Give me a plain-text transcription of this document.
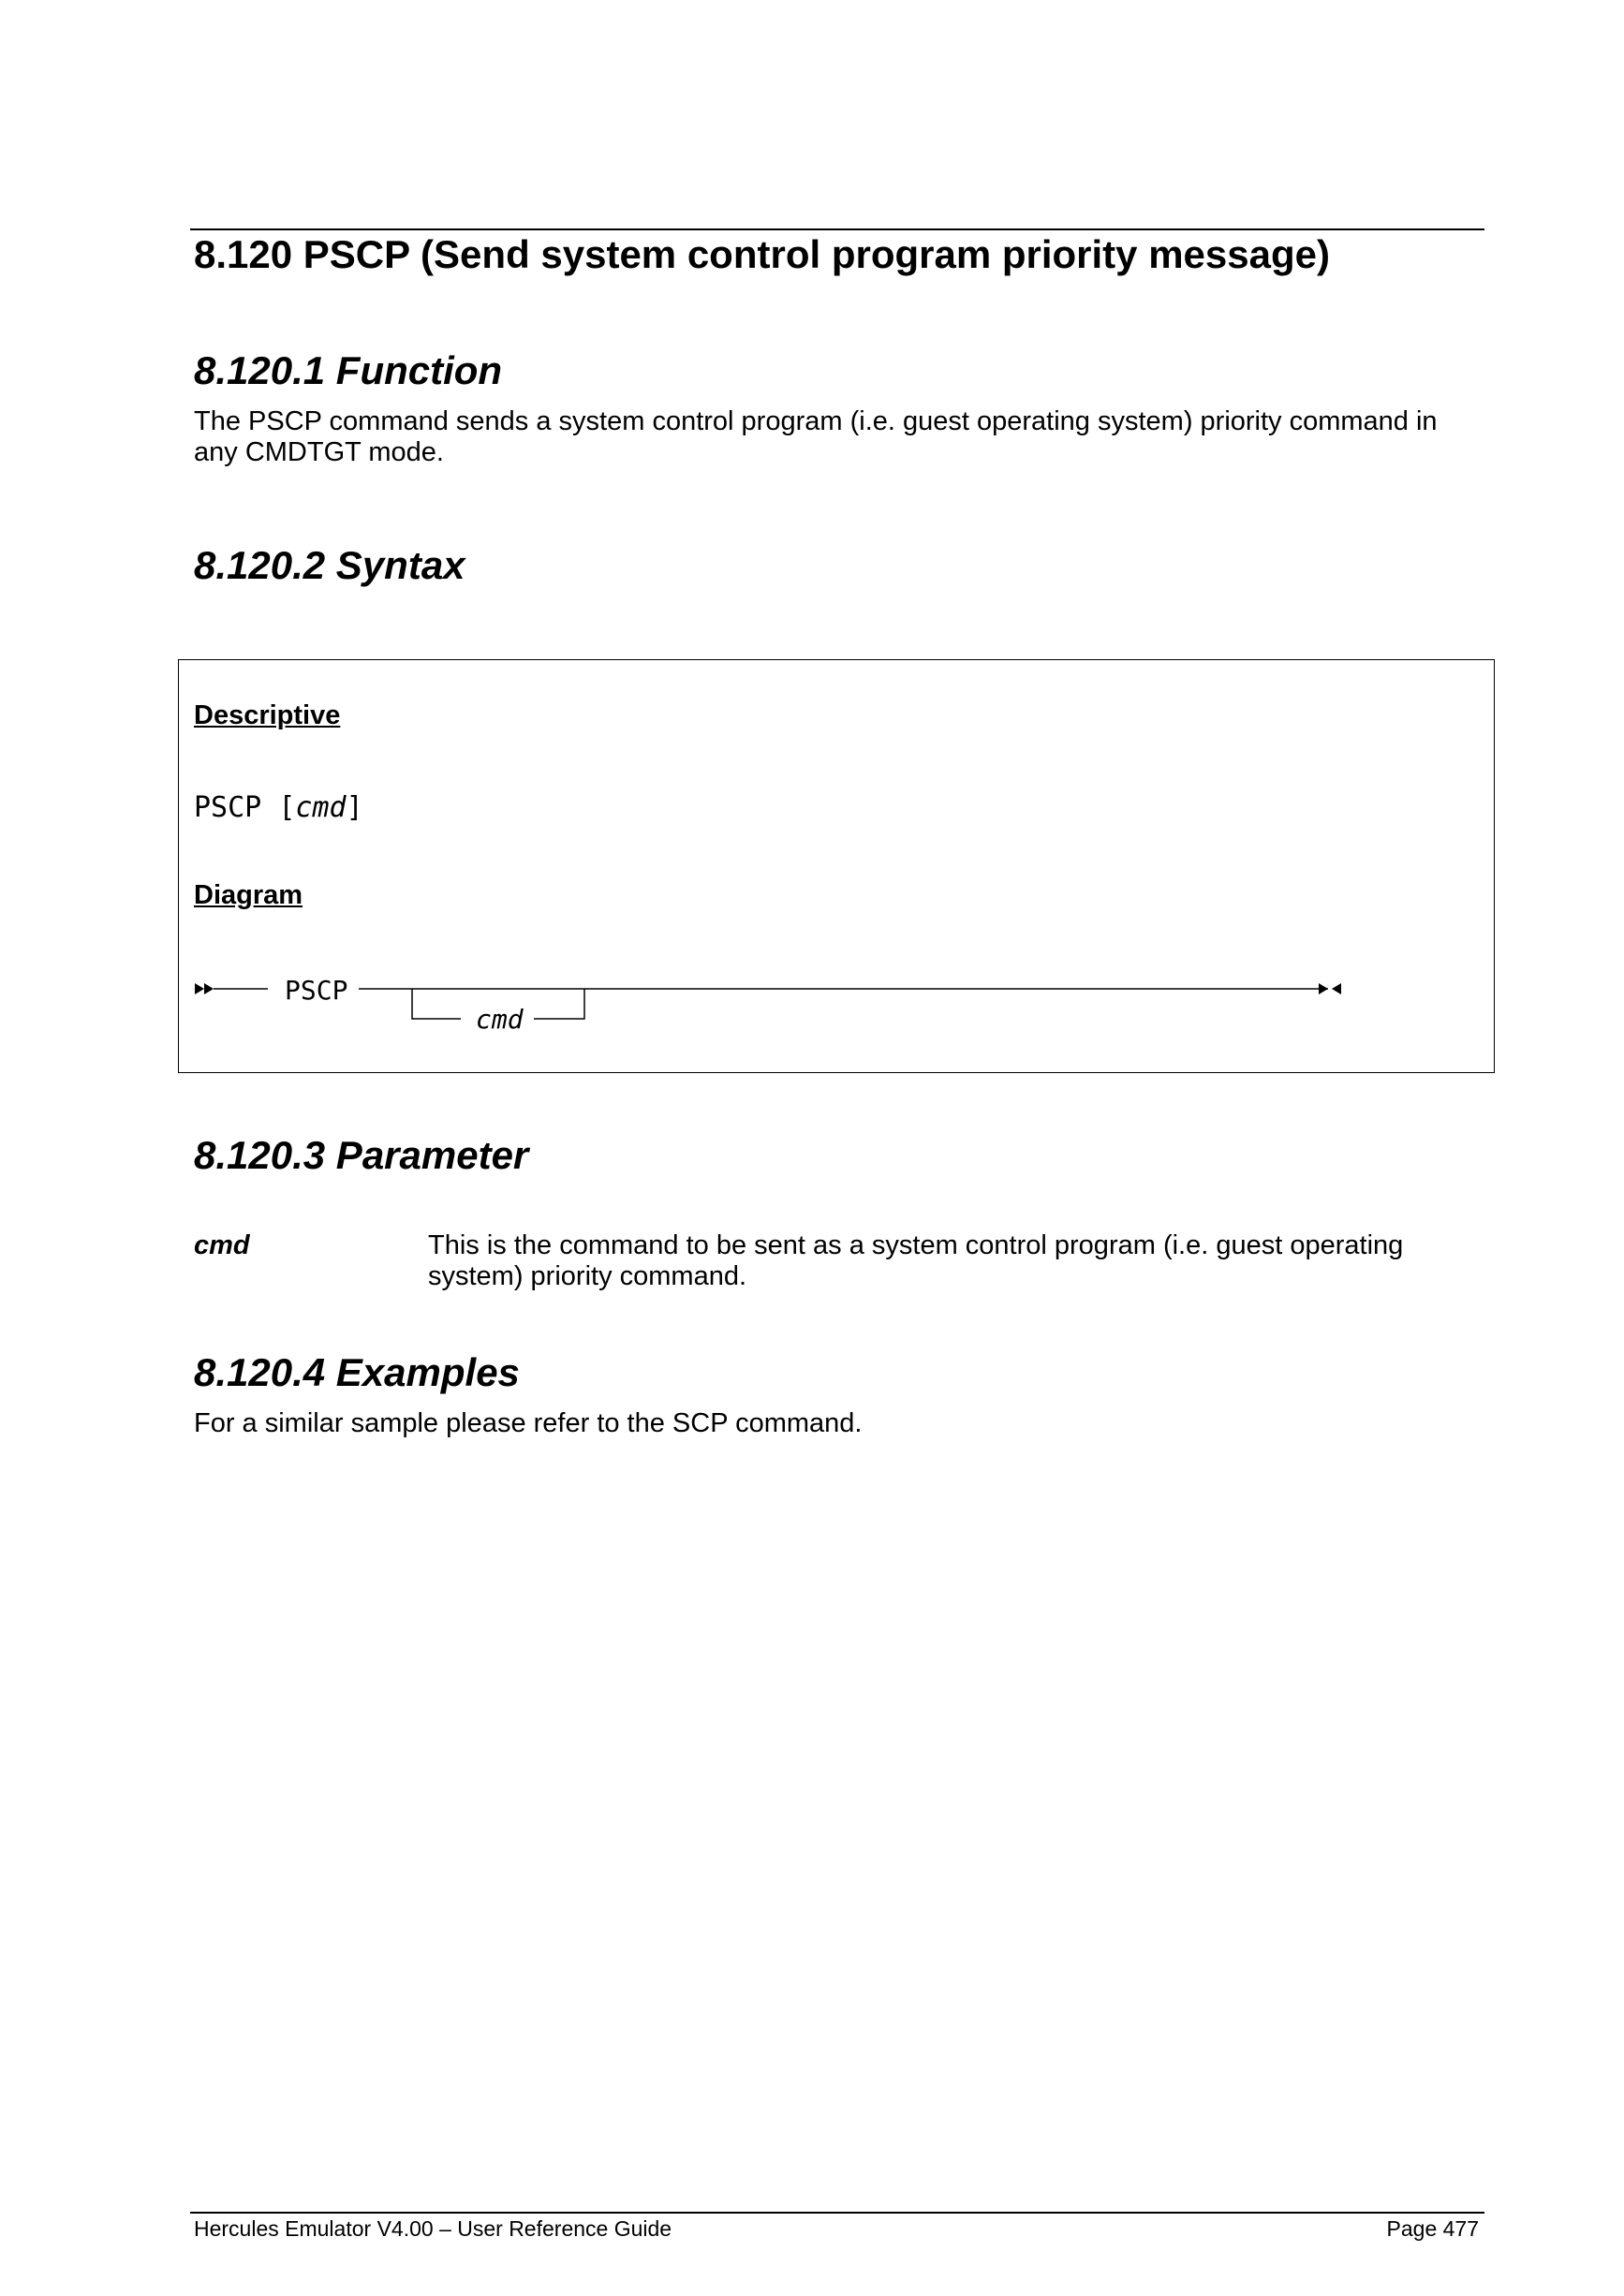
8.120 PSCP (Send system control program priority message)
8.120.1 Function

The PSCP command sends a system control program (i.e. guest operating system) priority command in any CMDTGT mode.

8.120.2 Syntax
Descriptive
PSCP [cmd]
Diagram
PSCP
cmd
8.120.3 Parameter
cmd	This is the command to be sent as a system control program (i.e. guest operating system) priority command.

8.120.4 Examples

For a similar sample please refer to the SCP command.

Hercules Emulator V4.00 – User Reference Guide	Page 477
